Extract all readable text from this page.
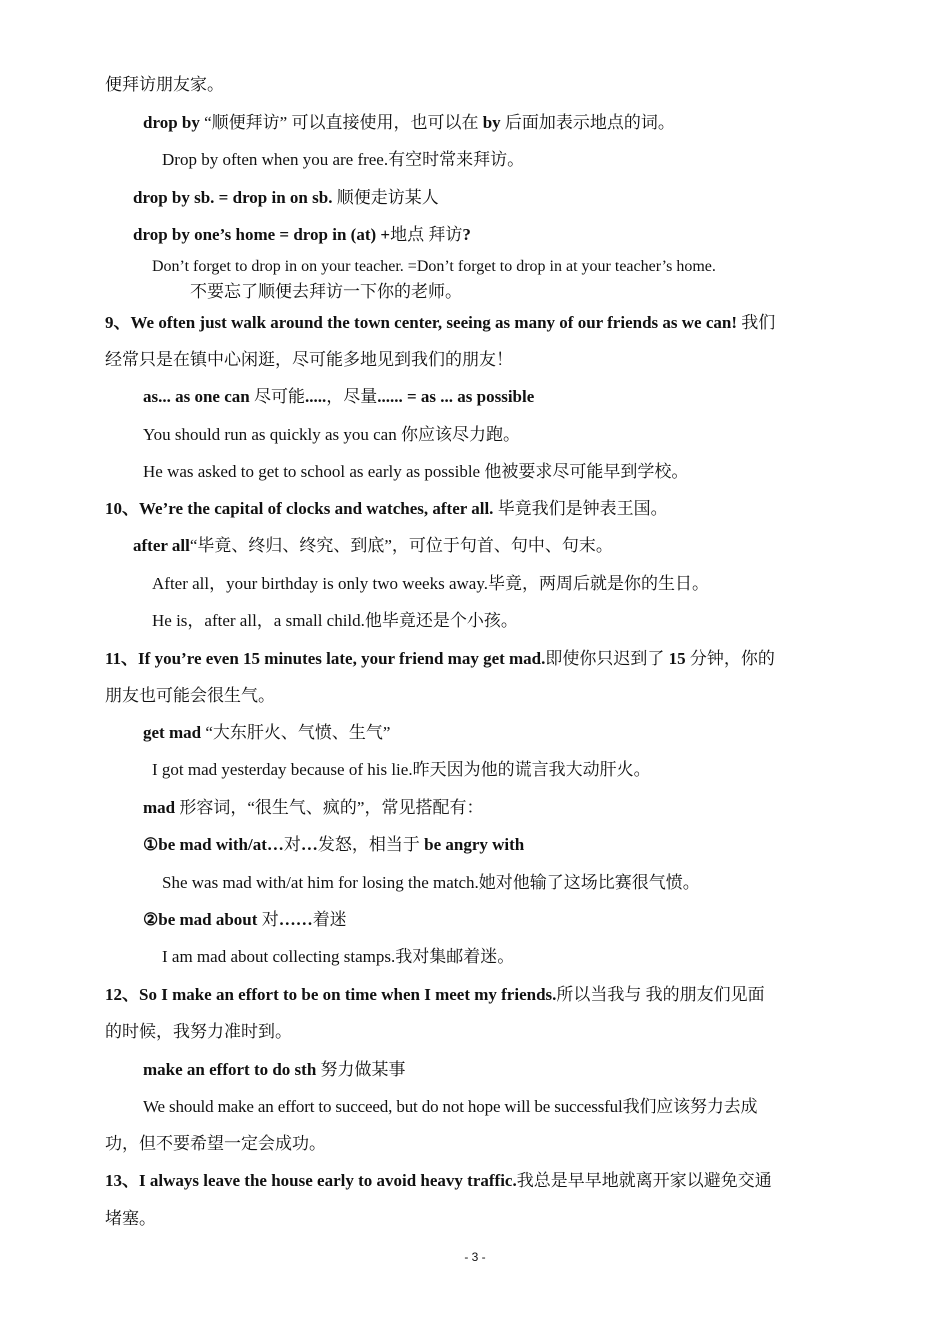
便拜访朋友家。
drop by “顺便拜访” 可以直接使用，也可以在 by 后面加表示地点的词。
Drop by often when you are free.有空时常来拜访。
drop by sb. = drop in on sb. 顺便走访某人
drop by one’s home = drop in (at) +地点 拜访?
Don’t forget to drop in on your teacher. =Don’t forget to drop in at your teacher’s home.
不要忘了顺便去拜访一下你的老师。
9、We often just walk around the town center, seeing as many of our friends as we can! 我们
经常只是在镇中心闲逛，尽可能多地见到我们的朋友！
as... as one can 尽可能.....，尽量...... = as ... as possible
You should run as quickly as you can 你应该尽力跑。
He was asked to get to school as early as possible 他被要求尽可能早到学校。
10、We’re the capital of clocks and watches, after all. 毕竟我们是钟表王国。
after all“毕竟、终归、终究、到底”，可位于句首、句中、句末。
After all，your birthday is only two weeks away.毕竟，两周后就是你的生日。
He is，after all，a small child.他毕竟还是个小孩。
11、If you’re even 15 minutes late, your friend may get mad.即使你只迟到了 15 分钟，你的
朋友也可能会很生气。
get mad “大东肝火、气愤、生气”
I got mad yesterday because of his lie.昨天因为他的谎言我大动肝火。
mad 形容词，“很生气、疯的”，常见搭配有：
①be mad with/at…对…发怒，相当于 be angry with
She was mad with/at him for losing the match.她对他输了这场比赛很气愤。
②be mad about 对……着迷
I am mad about collecting stamps.我对集邮着迷。
12、So I make an effort to be on time when I meet my friends.所以当我与 我的朋友们见面
的时候，我努力准时到。
make an effort to do sth 努力做某事
We should make an effort to succeed, but do not hope will be successful我们应该努力去成
功，但不要希望一定会成功。
13、I always leave the house early to avoid heavy traffic.我总是早早地就离开家以避免交通
堵塞。
- 3 -
